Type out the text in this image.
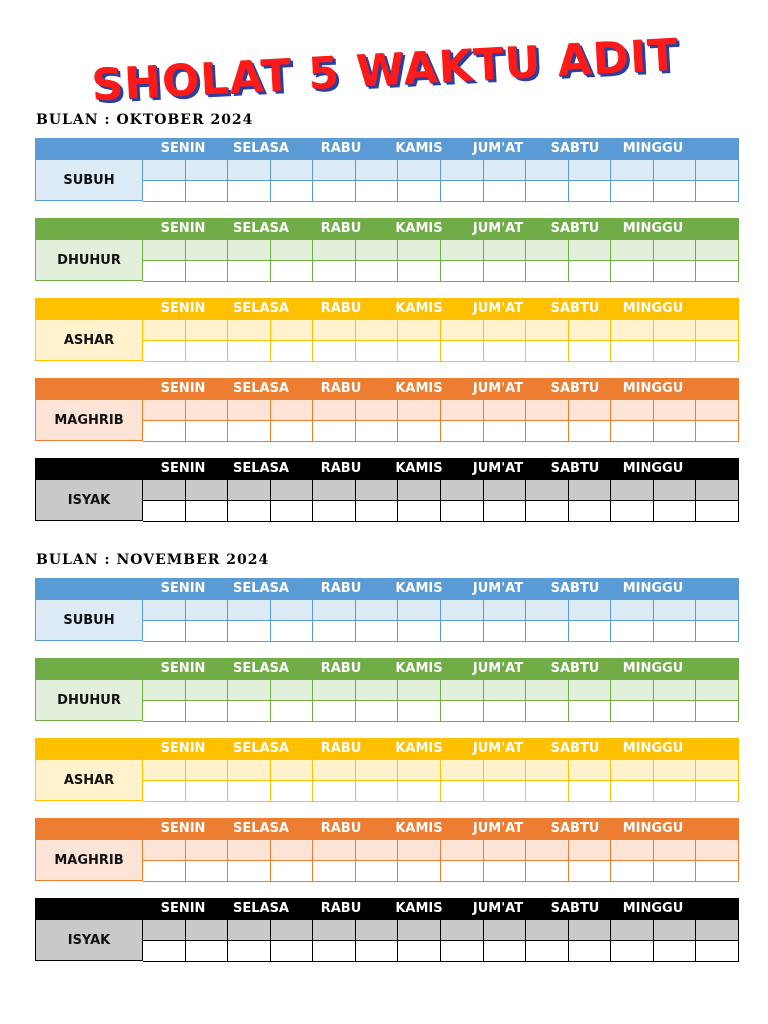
SHOLAT 5 WAKTU ADIT
BULAN : OKTOBER 2024
SENIN	SELASA	RABU	KAMIS	JUM'AT	SABTU	MINGGU
SUBUH
SENIN	SELASA	RABU	KAMIS	JUM'AT	SABTU	MINGGU
DHUHUR
SENIN	SELASA	RABU	KAMIS	JUM'AT	SABTU	MINGGU
ASHAR
SENIN	SELASA	RABU	KAMIS	JUM'AT	SABTU	MINGGU
MAGHRIB
SENIN	SELASA	RABU	KAMIS	JUM'AT	SABTU	MINGGU
ISYAK
BULAN : NOVEMBER 2024
SENIN	SELASA	RABU	KAMIS	JUM'AT	SABTU	MINGGU
SUBUH
SENIN	SELASA	RABU	KAMIS	JUM'AT	SABTU	MINGGU
DHUHUR
SENIN	SELASA	RABU	KAMIS	JUM'AT	SABTU	MINGGU
ASHAR
SENIN	SELASA	RABU	KAMIS	JUM'AT	SABTU	MINGGU
MAGHRIB
SENIN	SELASA	RABU	KAMIS	JUM'AT	SABTU	MINGGU
ISYAK
